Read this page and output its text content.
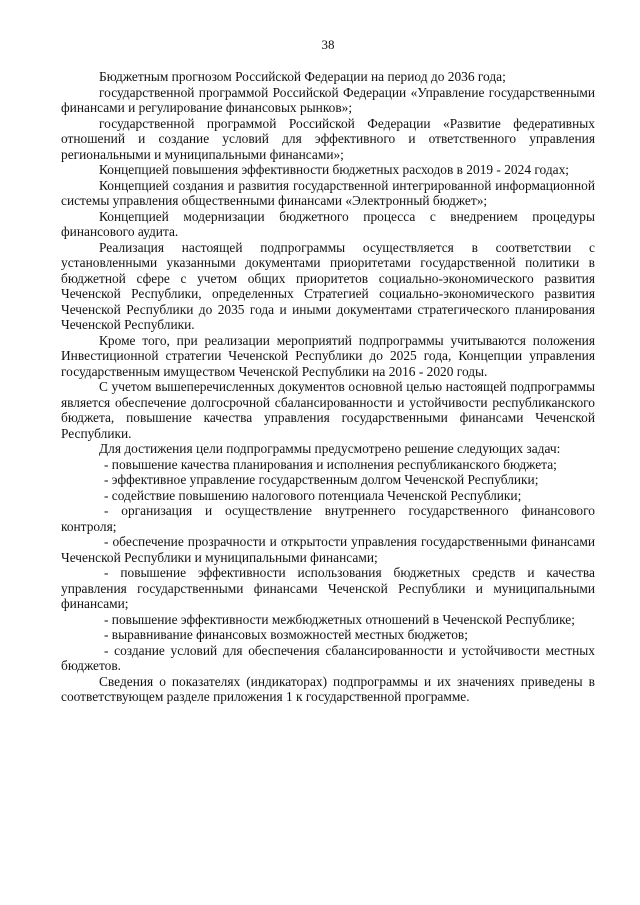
38

Бюджетным прогнозом Российской Федерации на период до 2036 года;

государственной программой Российской Федерации «Управление государственными финансами и регулирование финансовых рынков»;

государственной программой Российской Федерации «Развитие федеративных отношений и создание условий для эффективного и ответственного управления региональными и муниципальными финансами»;

Концепцией повышения эффективности бюджетных расходов в 2019 - 2024 годах;

Концепцией создания и развития государственной интегрированной информационной системы управления общественными финансами «Электронный бюджет»;

Концепцией модернизации бюджетного процесса с внедрением процедуры финансового аудита.

Реализация настоящей подпрограммы осуществляется в соответствии с установленными указанными документами приоритетами государственной политики в бюджетной сфере с учетом общих приоритетов социально-экономического развития Чеченской Республики, определенных Стратегией социально-экономического развития Чеченской Республики до 2035 года и иными документами стратегического планирования Чеченской Республики.

Кроме того, при реализации мероприятий подпрограммы учитываются положения Инвестиционной стратегии Чеченской Республики до 2025 года, Концепции управления государственным имуществом Чеченской Республики на 2016 - 2020 годы.

С учетом вышеперечисленных документов основной целью настоящей подпрограммы является обеспечение долгосрочной сбалансированности и устойчивости республиканского бюджета, повышение качества управления государственными финансами Чеченской Республики.

Для достижения цели подпрограммы предусмотрено решение следующих задач:

- повышение качества планирования и исполнения республиканского бюджета;

- эффективное управление государственным долгом Чеченской Республики;

- содействие повышению налогового потенциала Чеченской Республики;

- организация и осуществление внутреннего государственного финансового контроля;

- обеспечение прозрачности и открытости управления государственными финансами Чеченской Республики и муниципальными финансами;

- повышение эффективности использования бюджетных средств и качества управления государственными финансами Чеченской Республики и муниципальными финансами;

- повышение эффективности межбюджетных отношений в Чеченской Республике;

- выравнивание финансовых возможностей местных бюджетов;

- создание условий для обеспечения сбалансированности и устойчивости местных бюджетов.

Сведения о показателях (индикаторах) подпрограммы и их значениях приведены в соответствующем разделе приложения 1 к государственной программе.
